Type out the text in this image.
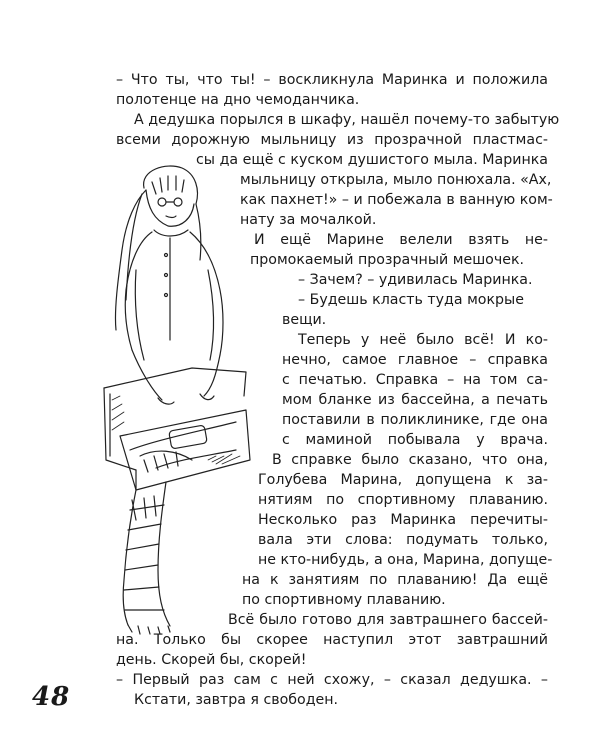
– Что ты, что ты! – воскликнула Маринка и положила
полотенце на дно чемоданчика.
А дедушка порылся в шкафу, нашёл почему-то забытую
всеми дорожную мыльницу из прозрачной пластмас-
сы да ещё с куском душистого мыла. Маринка
мыльницу открыла, мыло понюхала. «Ах,
как пахнет!» – и побежала в ванную ком-
нату за мочалкой.
И ещё Марине велели взять не-
промокаемый прозрачный мешочек.
– Зачем? – удивилась Маринка.
– Будешь класть туда мокрые
вещи.
Теперь у неё было всё! И ко-
нечно, самое главное – справка
с печатью. Справка – на том са-
мом бланке из бассейна, а печать
поставили в поликлинике, где она
с маминой побывала у врача.
В справке было сказано, что она,
Голубева Марина, допущена к за-
нятиям по спортивному плаванию.
Несколько раз Маринка перечиты-
вала эти слова: подумать только,
не кто-нибудь, а она, Марина, допуще-
на к занятиям по плаванию! Да ещё
по спортивному плаванию.
Всё было готово для завтрашнего бассей-
на. Только бы скорее наступил этот завтрашний
день. Скорей бы, скорей!
– Первый раз сам с ней схожу, – сказал дедушка. –
Кстати, завтра я свободен.
48
